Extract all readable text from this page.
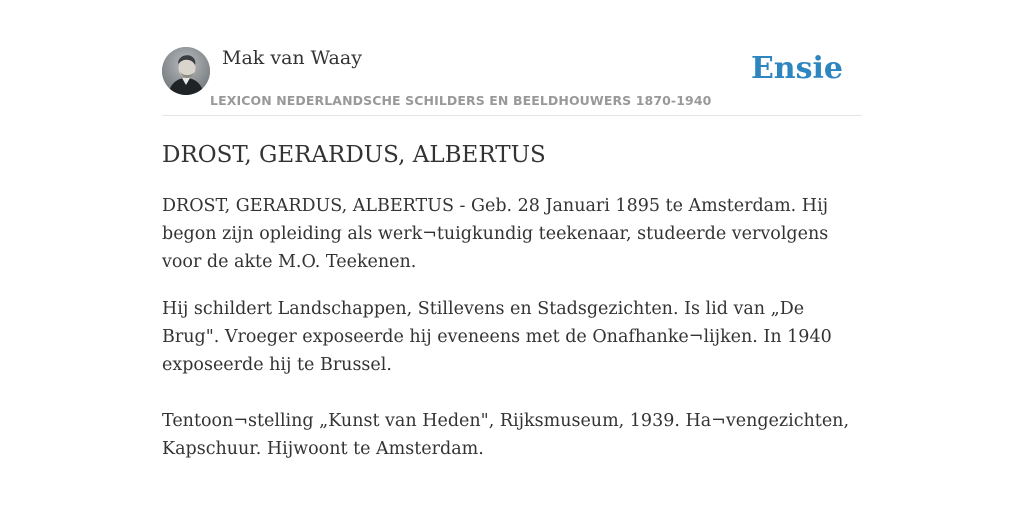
Mak van Waay
LEXICON NEDERLANDSCHE SCHILDERS EN BEELDHOUWERS 1870-1940
Ensie
DROST, GERARDUS, ALBERTUS

DROST, GERARDUS, ALBERTUS - Geb. 28 Januari 1895 te Amsterdam. Hij begon zijn opleiding als werk¬tuigkundig teekenaar, studeerde vervolgens voor de akte M.O. Teekenen.

Hij schildert Landschappen, Stillevens en Stadsgezichten. Is lid van „De Brug". Vroeger exposeerde hij eveneens met de Onafhanke¬lijken. In 1940 exposeerde hij te Brussel.

Tentoon¬stelling „Kunst van Heden", Rijksmuseum, 1939. Ha¬vengezichten, Kapschuur. Hijwoont te Amsterdam.
